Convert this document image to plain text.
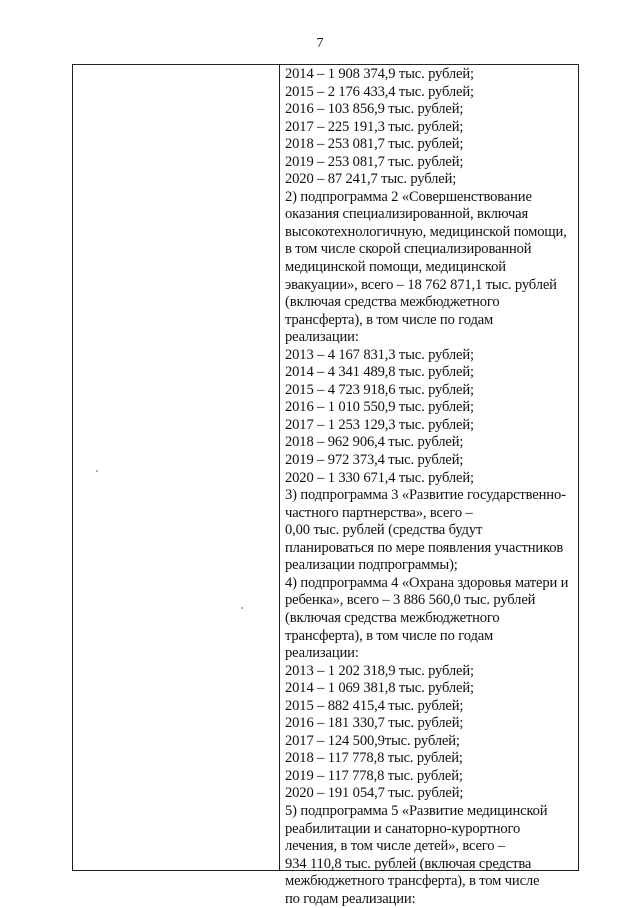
7
2014 – 1 908 374,9 тыс. рублей;
2015 – 2 176 433,4 тыс. рублей;
2016 – 103 856,9 тыс. рублей;
2017 – 225 191,3 тыс. рублей;
2018 – 253 081,7 тыс. рублей;
2019 – 253 081,7 тыс. рублей;
2020 – 87 241,7 тыс. рублей;
2) подпрограмма 2 «Совершенствование
оказания специализированной, включая
высокотехнологичную, медицинской помощи,
в том числе скорой специализированной
медицинской помощи, медицинской
эвакуации», всего – 18 762 871,1 тыс. рублей
(включая средства межбюджетного
трансферта), в том числе по годам
реализации:
2013 – 4 167 831,3 тыс. рублей;
2014 – 4 341 489,8 тыс. рублей;
2015 – 4 723 918,6 тыс. рублей;
2016 – 1 010 550,9 тыс. рублей;
2017 – 1 253 129,3 тыс. рублей;
2018 – 962 906,4 тыс. рублей;
2019 – 972 373,4 тыс. рублей;
2020 – 1 330 671,4 тыс. рублей;
3) подпрограмма 3 «Развитие государственно-
частного партнерства», всего –
0,00 тыс. рублей (средства будут
планироваться по мере появления участников
реализации подпрограммы);
4) подпрограмма 4 «Охрана здоровья матери и
ребенка», всего – 3 886 560,0 тыс. рублей
(включая средства межбюджетного
трансферта), в том числе по годам
реализации:
2013 – 1 202 318,9 тыс. рублей;
2014 – 1 069 381,8 тыс. рублей;
2015 – 882 415,4 тыс. рублей;
2016 – 181 330,7 тыс. рублей;
2017 – 124 500,9тыс. рублей;
2018 – 117 778,8 тыс. рублей;
2019 – 117 778,8 тыс. рублей;
2020 – 191 054,7 тыс. рублей;
5) подпрограмма 5 «Развитие медицинской
реабилитации и санаторно-курортного
лечения, в том числе детей», всего –
934 110,8 тыс. рублей (включая средства
межбюджетного трансферта), в том числе
по годам реализации:
